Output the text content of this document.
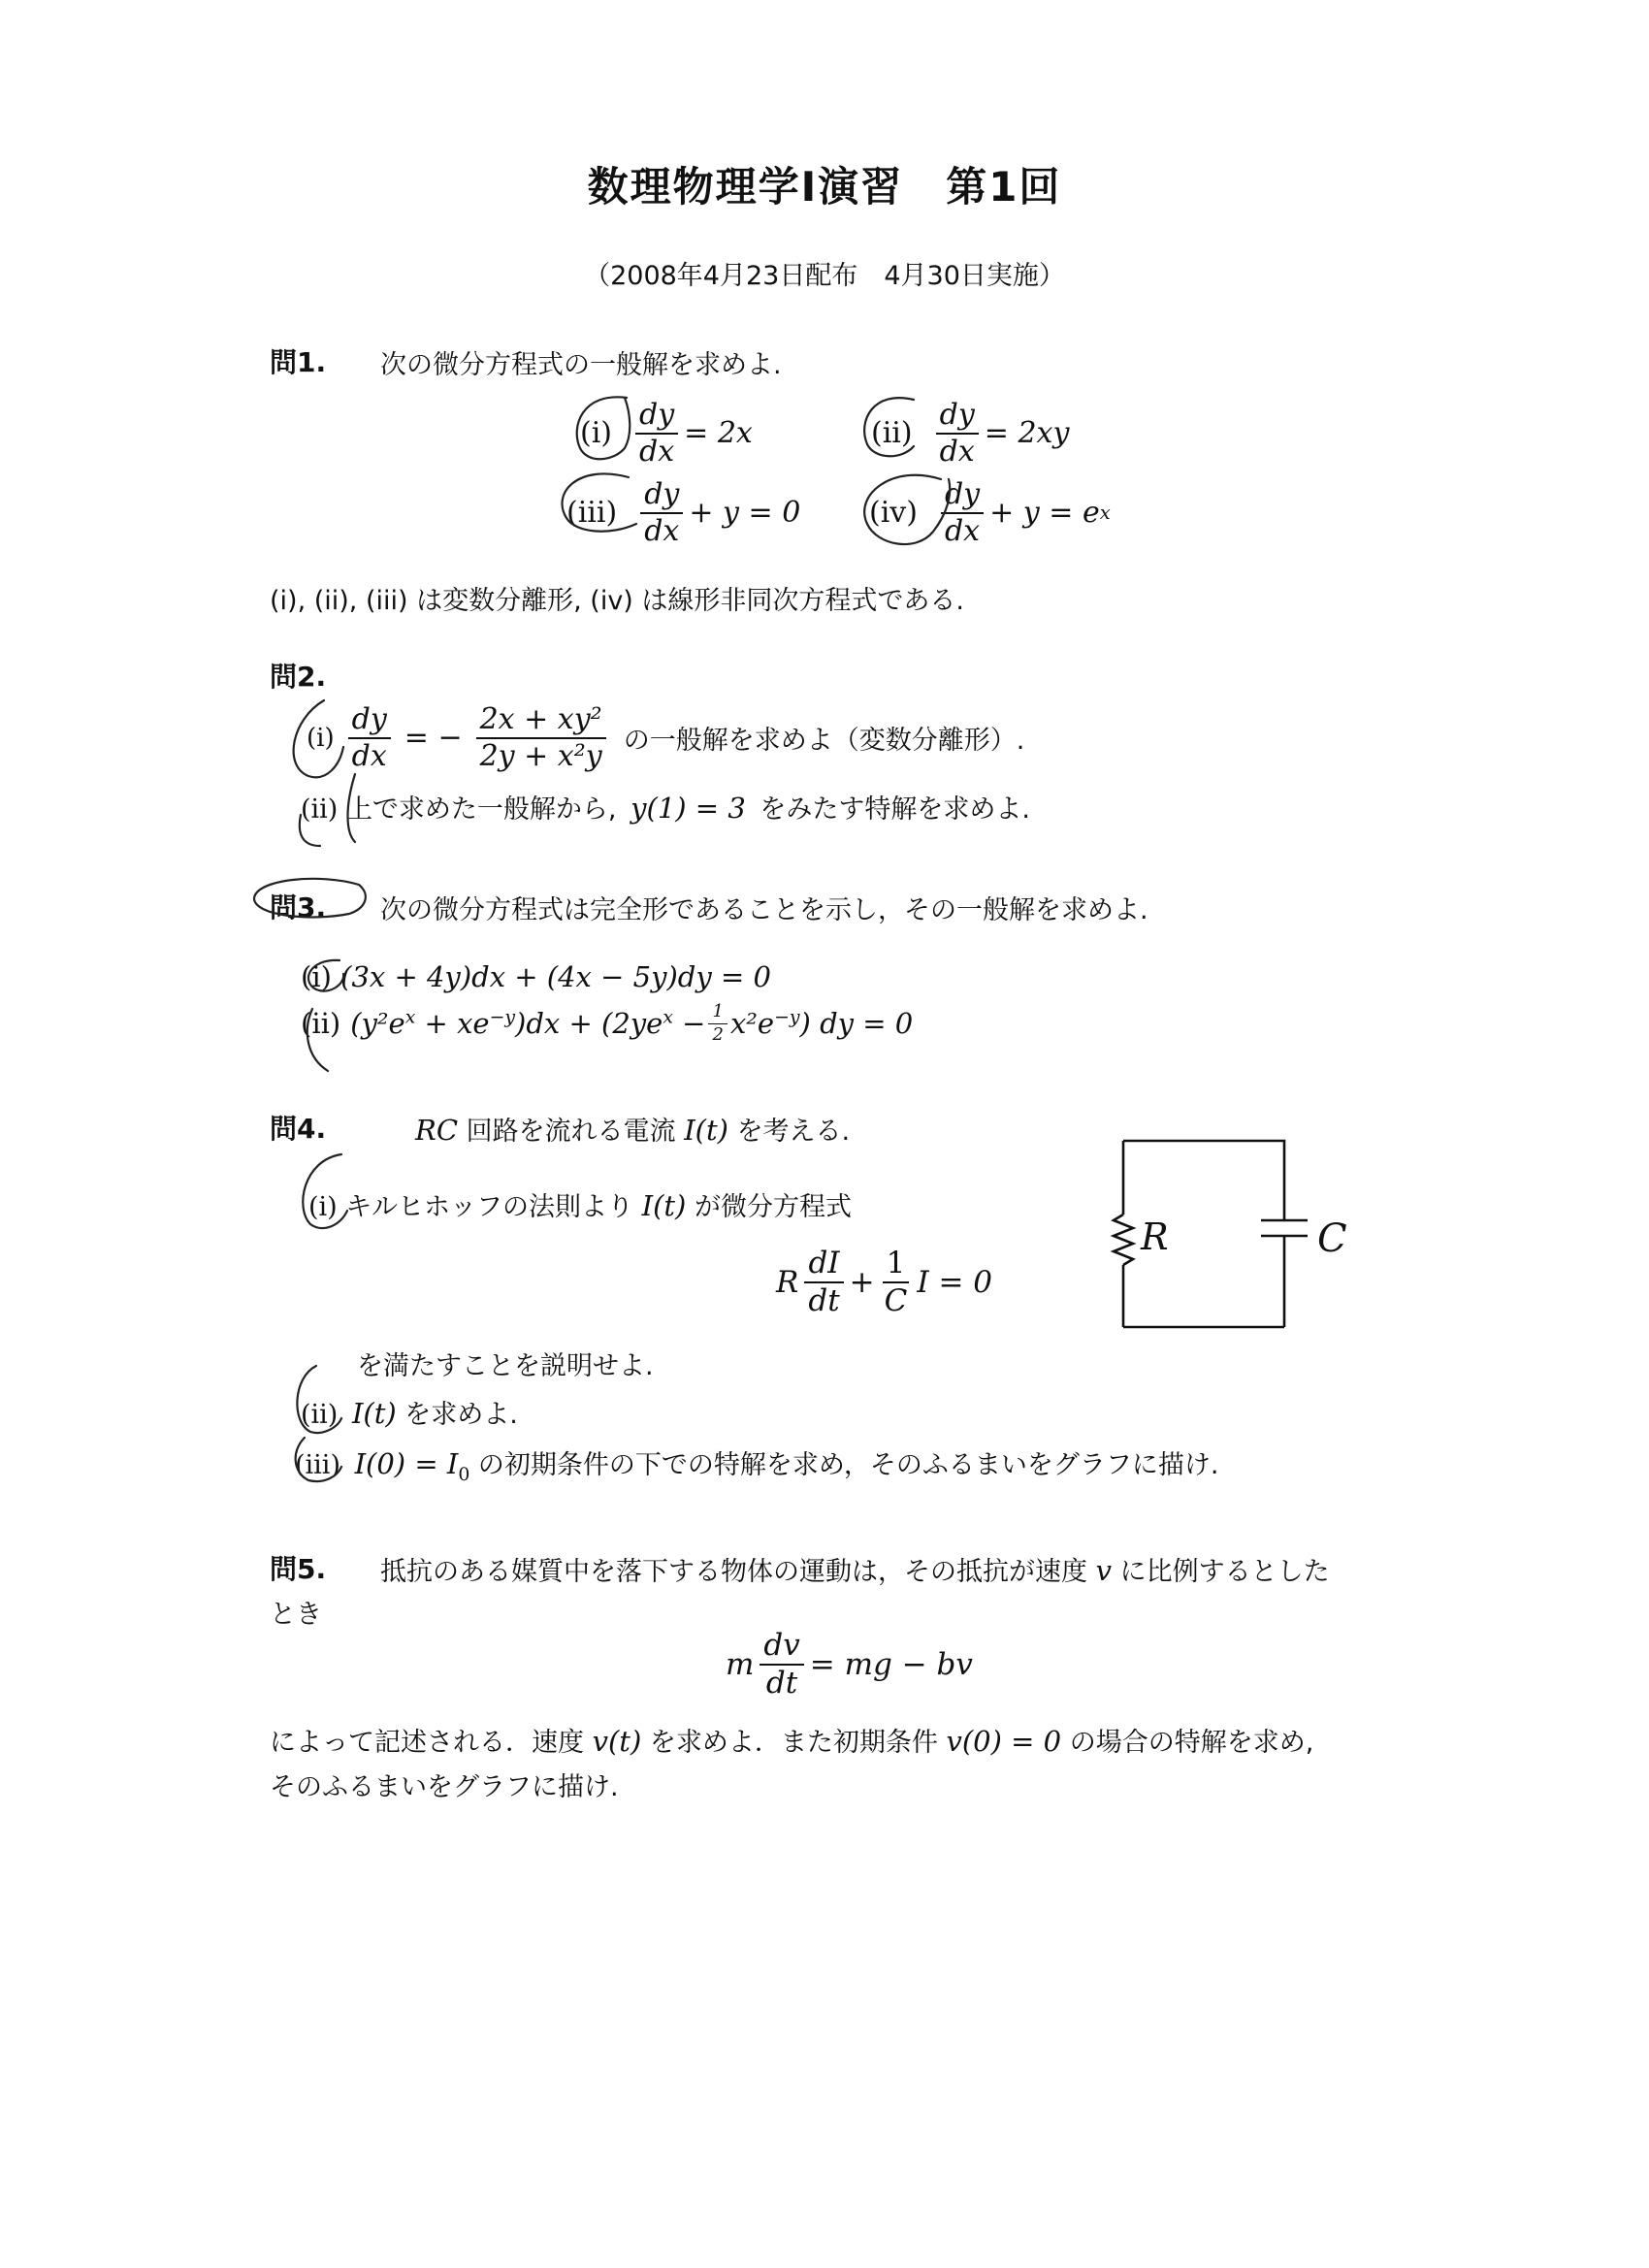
数理物理学Ⅰ演習　第1回
（2008年4月23日配布　4月30日実施）
問1. 次の微分方程式の一般解を求めよ.
$(i) \frac{dy}{dx} = 2x$	$(ii) \frac{dy}{dx} = 2xy$
$(iii) \frac{dy}{dx} + y = 0$ $(iv) \frac{dy}{dx} + y = e$ x
(i), (ii), (iii) は変数分離形, (iv) は線形非同次方程式である.
問2.
$(i) \frac{dy}{dx}$ = − $\frac{\text{2x + xy²}}{\text{2y + x²y}}$ の一般解を求めよ（変数分離形）.
(ii) 上で求めた一般解から, y(1) = 3 をみたす特解を求めよ.
問3. 次の微分方程式は完全形であることを示し，その一般解を求めよ.
(i) (3x + 4y)dx + (4x − 5y)dy = 0
(ii) $(y^2e^x + xe^{-y})dx + (2ye^x - \frac{1}{2} x^2e^{-y})$ dy = 0
問4.	RC 回路を流れる電流 I(t) を考える.
(i) キルヒホッフの法則より I(t) が微分方程式
R $\frac{dI}{dt} + \frac{1}{C}$ I = 0
R	C
を満たすことを説明せよ.
(ii) I(t) を求めよ.
(iii) $I(0) = I_0$ の初期条件の下での特解を求め，そのふるまいをグラフに描け.
問5. 抵抗のある媒質中を落下する物体の運動は，その抵抗が速度 v に比例するとした
とき
m $\frac{dv}{dt}$ = mg − bv
によって記述される．速度 v(t) を求めよ．また初期条件 v(0) = 0 の場合の特解を求め,
そのふるまいをグラフに描け.
